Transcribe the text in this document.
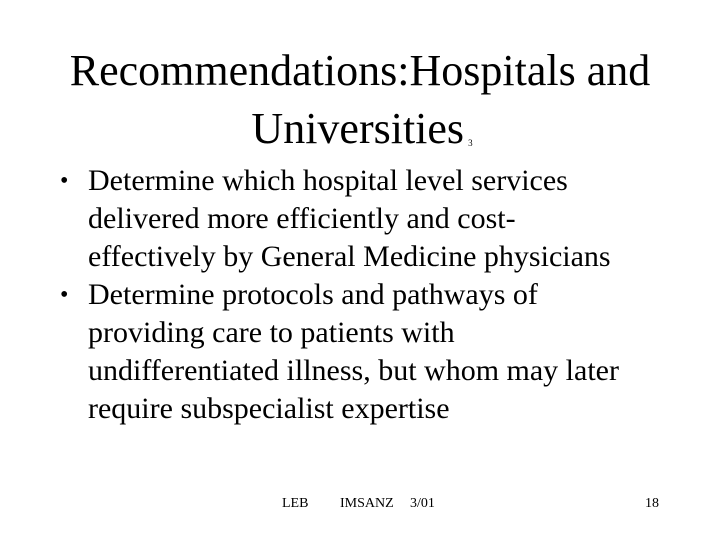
Recommendations:Hospitals and
Universities $^3$
• Determine which hospital level services
delivered more efficiently and cost-
effectively by General Medicine physicians
• Determine protocols and pathways of
providing care to patients with
undifferentiated illness, but whom may later
require subspecialist expertise
LEB IMSANZ 3/01	18
